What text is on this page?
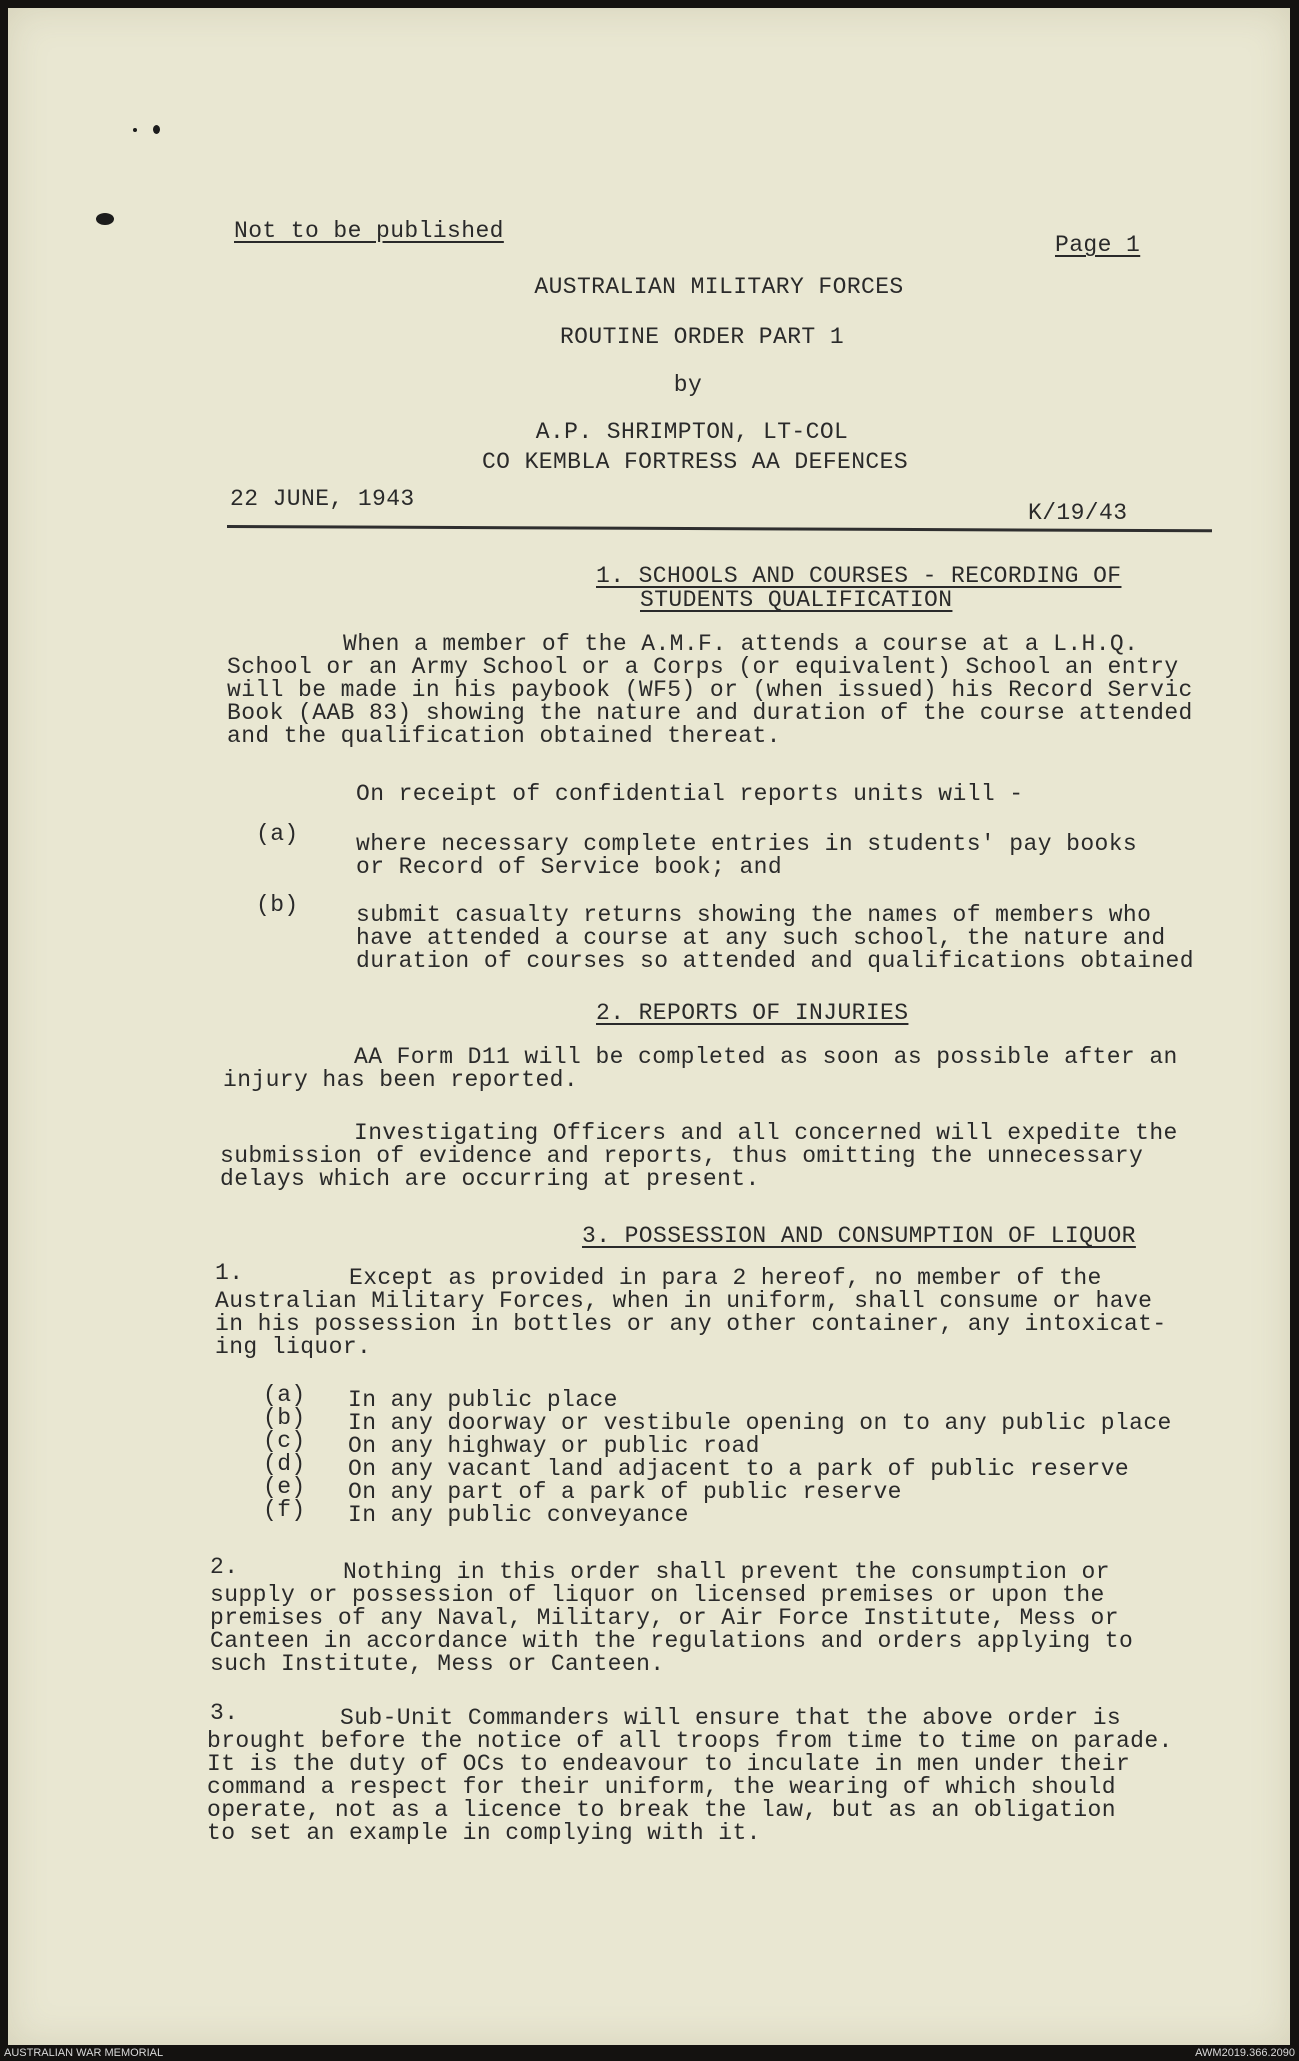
Not to be published
Page 1
AUSTRALIAN MILITARY FORCES
ROUTINE ORDER PART 1
by
A.P. SHRIMPTON, LT-COL
CO KEMBLA FORTRESS AA DEFENCES
22 JUNE, 1943
K/19/43
1. SCHOOLS AND COURSES - RECORDING OF
STUDENTS QUALIFICATION
When a member of the A.M.F. attends a course at a L.H.Q.
School or an Army School or a Corps (or equivalent) School an entry
will be made in his paybook (WF5) or (when issued) his Record Servic
Book (AAB 83) showing the nature and duration of the course attended
and the qualification obtained thereat.
On receipt of confidential reports units will -
(a) where necessary complete entries in students' pay books
or Record of Service book; and
(b) submit casualty returns showing the names of members who
have attended a course at any such school, the nature and
duration of courses so attended and qualifications obtained
2. REPORTS OF INJURIES
AA Form D11 will be completed as soon as possible after an
injury has been reported.
Investigating Officers and all concerned will expedite the
submission of evidence and reports, thus omitting the unnecessary
delays which are occurring at present.
3. POSSESSION AND CONSUMPTION OF LIQUOR
1.	Except as provided in para 2 hereof, no member of the
Australian Military Forces, when in uniform, shall consume or have
in his possession in bottles or any other container, any intoxicat-
ing liquor.
(a) In any public place
(b) In any doorway or vestibule opening on to any public place
(c) On any highway or public road
(d) On any vacant land adjacent to a park of public reserve
(e) On any part of a park of public reserve
(f) In any public conveyance
2.	Nothing in this order shall prevent the consumption or
supply or possession of liquor on licensed premises or upon the
premises of any Naval, Military, or Air Force Institute, Mess or
Canteen in accordance with the regulations and orders applying to
such Institute, Mess or Canteen.
3.	Sub-Unit Commanders will ensure that the above order is
brought before the notice of all troops from time to time on parade.
It is the duty of OCs to endeavour to inculate in men under their
command a respect for their uniform, the wearing of which should
operate, not as a licence to break the law, but as an obligation
to set an example in complying with it.
AUSTRALIAN WAR MEMORIAL	AWM2019.366.2090
